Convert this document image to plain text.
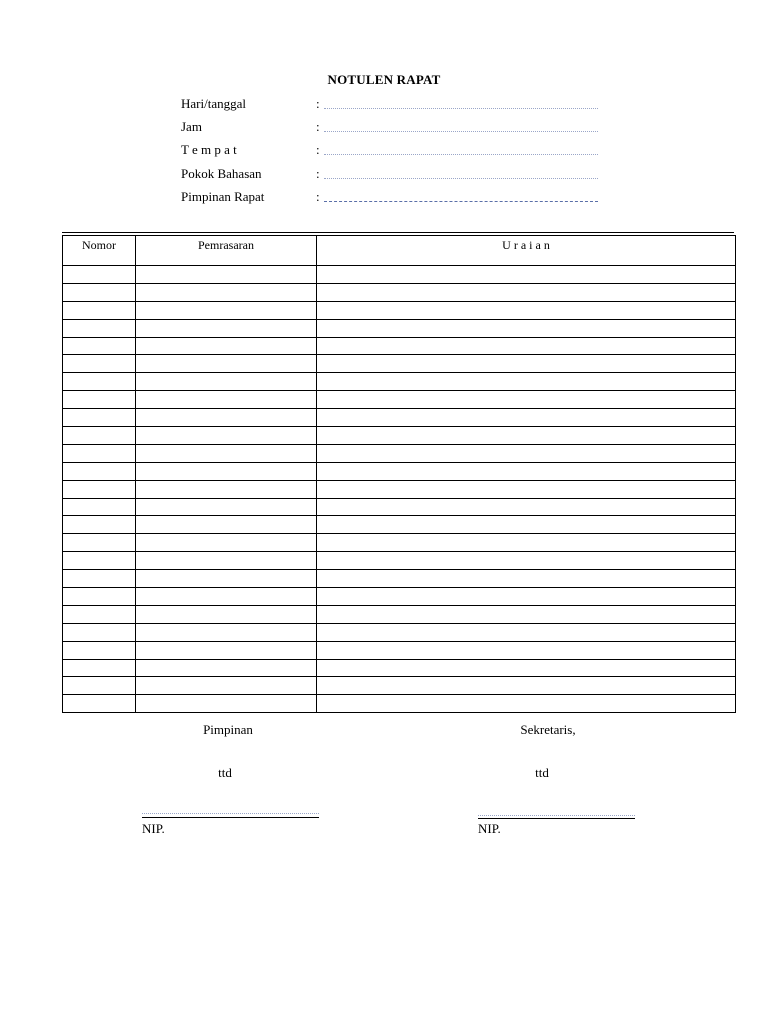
NOTULEN RAPAT
Hari/tanggal	:
Jam	:
T e m p a t	:
Pokok Bahasan	:
Pimpinan Rapat	:
Nomor	Pemrasaran	U r a i a n

Pimpinan	Sekretaris,
ttd	ttd
NIP.	NIP.
